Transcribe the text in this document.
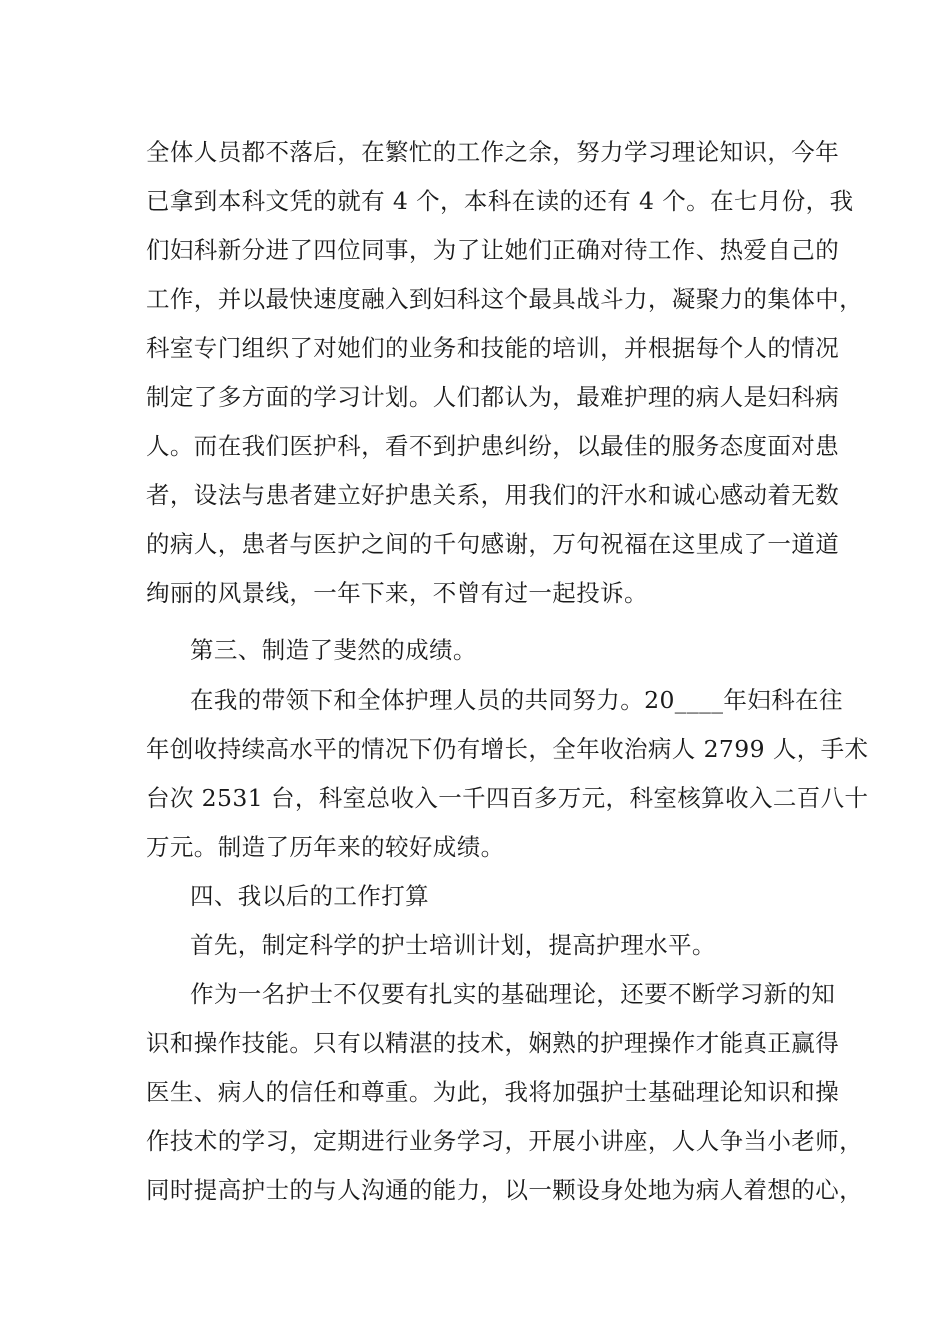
全体人员都不落后，在繁忙的工作之余，努力学习理论知识，今年
已拿到本科文凭的就有 4 个，本科在读的还有 4 个。在七月份，我
们妇科新分进了四位同事，为了让她们正确对待工作、热爱自己的
工作，并以最快速度融入到妇科这个最具战斗力，凝聚力的集体中，
科室专门组织了对她们的业务和技能的培训，并根据每个人的情况
制定了多方面的学习计划。人们都认为，最难护理的病人是妇科病
人。而在我们医护科，看不到护患纠纷，以最佳的服务态度面对患
者，设法与患者建立好护患关系，用我们的汗水和诚心感动着无数
的病人，患者与医护之间的千句感谢，万句祝福在这里成了一道道
绚丽的风景线，一年下来，不曾有过一起投诉。
第三、制造了斐然的成绩。
在我的带领下和全体护理人员的共同努力。20____年妇科在往
年创收持续高水平的情况下仍有增长，全年收治病人 2799 人，手术
台次 2531 台，科室总收入一千四百多万元，科室核算收入二百八十
万元。制造了历年来的较好成绩。
四、我以后的工作打算
首先，制定科学的护士培训计划，提高护理水平。
作为一名护士不仅要有扎实的基础理论，还要不断学习新的知
识和操作技能。只有以精湛的技术，娴熟的护理操作才能真正赢得
医生、病人的信任和尊重。为此，我将加强护士基础理论知识和操
作技术的学习，定期进行业务学习，开展小讲座，人人争当小老师，
同时提高护士的与人沟通的能力，以一颗设身处地为病人着想的心，
